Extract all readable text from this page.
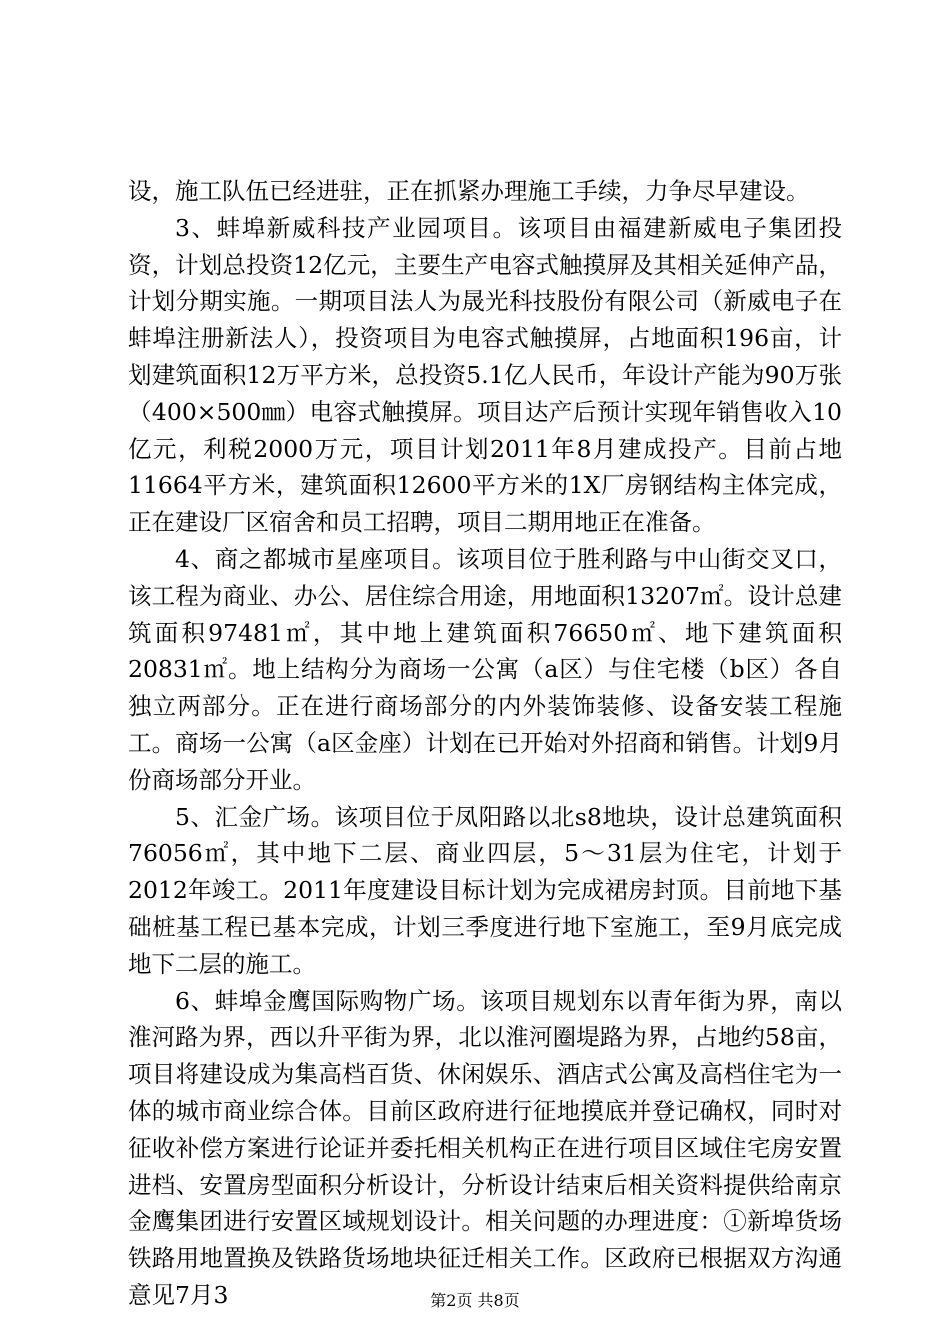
设，施工队伍已经进驻，正在抓紧办理施工手续，力争尽早建设。

3、蚌埠新威科技产业园项目。该项目由福建新威电子集团投资，计划总投资12亿元，主要生产电容式触摸屏及其相关延伸产品，计划分期实施。一期项目法人为晟光科技股份有限公司（新威电子在蚌埠注册新法人），投资项目为电容式触摸屏，占地面积196亩，计划建筑面积12万平方米，总投资5.1亿人民币，年设计产能为90万张（400×500㎜）电容式触摸屏。项目达产后预计实现年销售收入10亿元，利税2000万元，项目计划2011年8月建成投产。目前占地11664平方米，建筑面积12600平方米的1X厂房钢结构主体完成，正在建设厂区宿舍和员工招聘，项目二期用地正在准备。

4、商之都城市星座项目。该项目位于胜利路与中山街交叉口，该工程为商业、办公、居住综合用途，用地面积13207㎡。设计总建筑面积97481㎡，其中地上建筑面积76650㎡、地下建筑面积20831㎡。地上结构分为商场一公寓（a区）与住宅楼（b区）各自独立两部分。正在进行商场部分的内外装饰装修、设备安装工程施工。商场一公寓（a区金座）计划在已开始对外招商和销售。计划9月份商场部分开业。

5、汇金广场。该项目位于凤阳路以北s8地块，设计总建筑面积76056㎡，其中地下二层、商业四层，5～31层为住宅，计划于2012年竣工。2011年度建设目标计划为完成裙房封顶。目前地下基础桩基工程已基本完成，计划三季度进行地下室施工，至9月底完成地下二层的施工。

6、蚌埠金鹰国际购物广场。该项目规划东以青年街为界，南以淮河路为界，西以升平街为界，北以淮河圈堤路为界，占地约58亩，项目将建设成为集高档百货、休闲娱乐、酒店式公寓及高档住宅为一体的城市商业综合体。目前区政府进行征地摸底并登记确权，同时对征收补偿方案进行论证并委托相关机构正在进行项目区域住宅房安置进档、安置房型面积分析设计，分析设计结束后相关资料提供给南京金鹰集团进行安置区域规划设计。相关问题的办理进度：①新埠货场铁路用地置换及铁路货场地块征迁相关工作。区政府已根据双方沟通意见7月3	第2页 共8页
